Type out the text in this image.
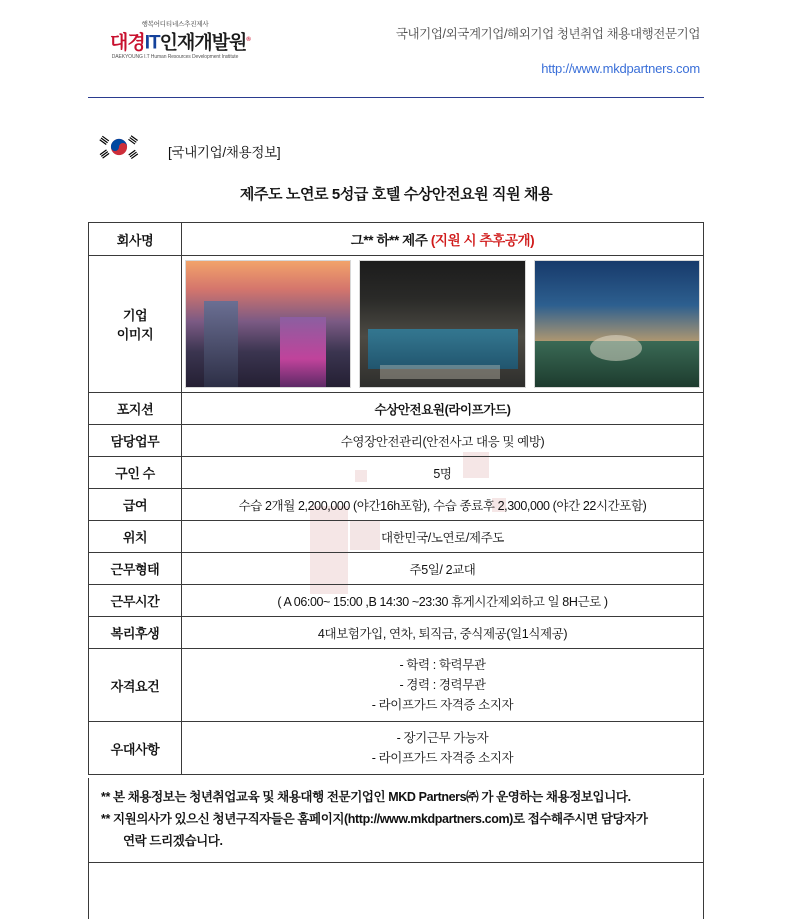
행복어디티네스추진제사
대경IT인재개발원®
DAEKYOUNG I.T Human Resources Development Institute
국내기업/외국계기업/해외기업 청년취업 채용대행전문기업
http://www.mkdpartners.com
[국내기업/채용정보]
제주도 노연로 5성급 호텔 수상안전요원 직원 채용
회사명	그** 하** 제주 (지원 시 추후공개)
기업
이미지	

포지션	수상안전요원(라이프가드)
담당업무	수영장안전관리(안전사고 대응 및 예방)
구인 수	5명
급여	수습 2개월 2,200,000 (야간16h포함), 수습 종료후 2,300,000 (야간 22시간포함)
위치	대한민국/노연로/제주도
근무형태	주5일/ 2교대
근무시간	( A 06:00~ 15:00 ,B 14:30 ~23:30 휴게시간제외하고 일 8H근로 )
복리후생	4대보험가입, 연차, 퇴직금, 중식제공(일1식제공)
자격요건	- 학력 : 학력무관
- 경력 : 경력무관
- 라이프가드 자격증 소지자

우대사항	- 장기근무 가능자
- 라이프가드 자격증 소지자
** 본 채용정보는 청년취업교육 및 채용대행 전문기업인 MKD Partners㈜ 가 운영하는 채용정보입니다.
** 지원의사가 있으신 청년구직자들은 홈페이지(http://www.mkdpartners.com)로 접수해주시면 담당자가
연락 드리겠습니다.
